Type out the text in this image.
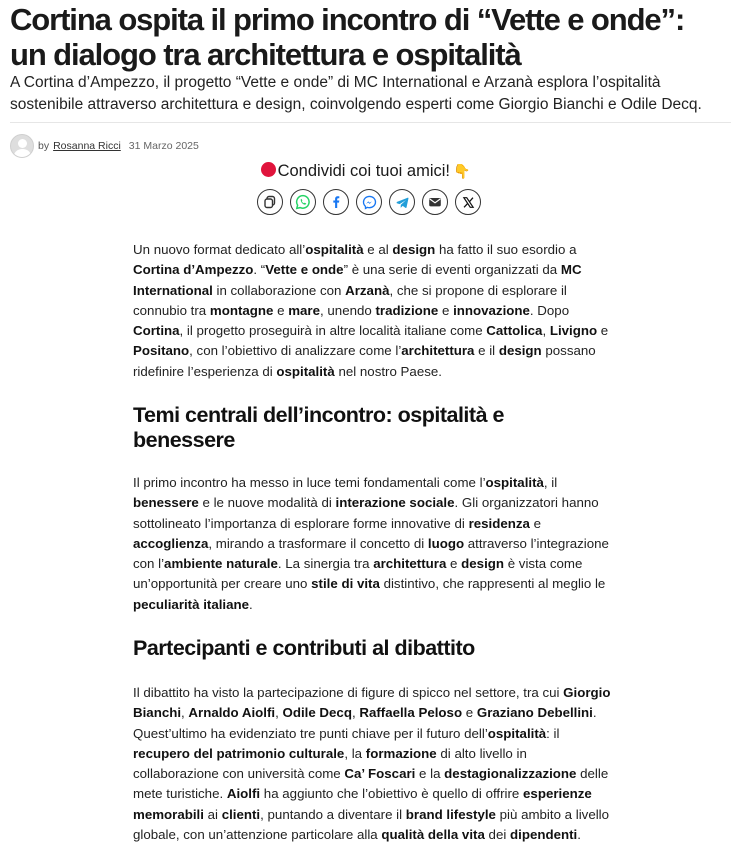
Cortina ospita il primo incontro di “Vette e onde”: un dialogo tra architettura e ospitalità

A Cortina d’Ampezzo, il progetto “Vette e onde” di MC International e Arzanà esplora l’ospitalità sostenibile attraverso architettura e design, coinvolgendo esperti come Giorgio Bianchi e Odile Decq.

by Rosanna Ricci 31 Marzo 2025
Condividi coi tuoi amici! 👇

Un nuovo format dedicato all’ospitalità e al design ha fatto il suo esordio a Cortina d’Ampezzo. “Vette e onde” è una serie di eventi organizzati da MC International in collaborazione con Arzanà, che si propone di esplorare il connubio tra montagne e mare, unendo tradizione e innovazione. Dopo Cortina, il progetto proseguirà in altre località italiane come Cattolica, Livigno e Positano, con l’obiettivo di analizzare come l’architettura e il design possano ridefinire l’esperienza di ospitalità nel nostro Paese.

Temi centrali dell’incontro: ospitalità e benessere

Il primo incontro ha messo in luce temi fondamentali come l’ospitalità, il benessere e le nuove modalità di interazione sociale. Gli organizzatori hanno sottolineato l’importanza di esplorare forme innovative di residenza e accoglienza, mirando a trasformare il concetto di luogo attraverso l’integrazione con l’ambiente naturale. La sinergia tra architettura e design è vista come un’opportunità per creare uno stile di vita distintivo, che rappresenti al meglio le peculiarità italiane.

Partecipanti e contributi al dibattito

Il dibattito ha visto la partecipazione di figure di spicco nel settore, tra cui Giorgio Bianchi, Arnaldo Aiolfi, Odile Decq, Raffaella Peloso e Graziano Debellini. Quest’ultimo ha evidenziato tre punti chiave per il futuro dell’ospitalità: il recupero del patrimonio culturale, la formazione di alto livello in collaborazione con università come Ca’ Foscari e la destagionalizzazione delle mete turistiche. Aiolfi ha aggiunto che l’obiettivo è quello di offrire esperienze memorabili ai clienti, puntando a diventare il brand lifestyle più ambito a livello globale, con un’attenzione particolare alla qualità della vita dei dipendenti.
